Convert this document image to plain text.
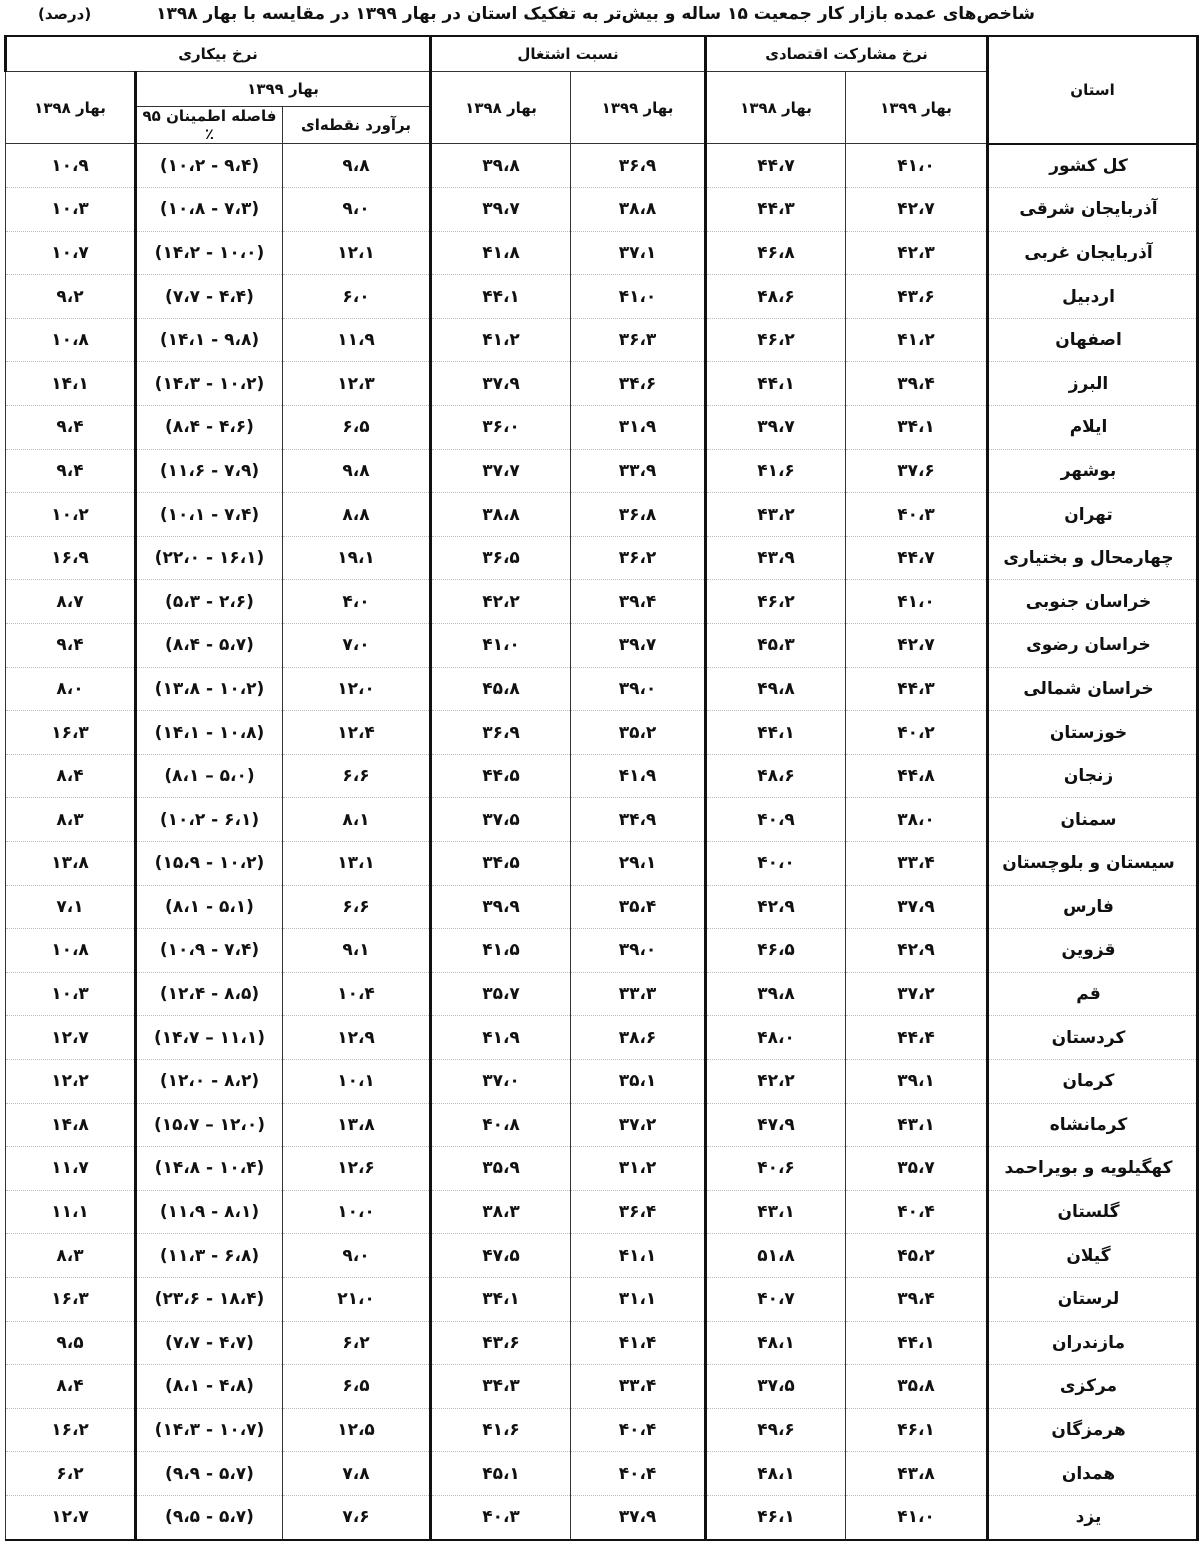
شاخص‌های عمده بازار کار جمعیت ۱۵ ساله و بیش‌تر به تفکیک استان در بهار ۱۳۹۹ در مقایسه با بهار ۱۳۹۸
(درصد)
استان	نرخ مشارکت اقتصادی		نسبت اشتغال		نرخ بیکاری		
	بهار ۱۳۹۹	بهار ۱۳۹۸	بهار ۱۳۹۹	بهار ۱۳۹۸	بهار ۱۳۹۹		بهار ۱۳۹۸
					برآورد نقطه‌ای	فاصله اطمینان ۹۵ ٪	
کل کشور	۴۱،۰	۴۴،۷	۳۶،۹	۳۹،۸	۹،۸	(۹،۴ - ۱۰،۲)	۱۰،۹
آذربایجان شرقی	۴۲،۷	۴۴،۳	۳۸،۸	۳۹،۷	۹،۰	(۷،۳ - ۱۰،۸)	۱۰،۳
آذربایجان غربی	۴۲،۳	۴۶،۸	۳۷،۱	۴۱،۸	۱۲،۱	(۱۰،۰ - ۱۴،۲)	۱۰،۷
اردبیل	۴۳،۶	۴۸،۶	۴۱،۰	۴۴،۱	۶،۰	(۴،۴ - ۷،۷)	۹،۲
اصفهان	۴۱،۲	۴۶،۲	۳۶،۳	۴۱،۲	۱۱،۹	(۹،۸ - ۱۴،۱)	۱۰،۸
البرز	۳۹،۴	۴۴،۱	۳۴،۶	۳۷،۹	۱۲،۳	(۱۰،۲ - ۱۴،۳)	۱۴،۱
ایلام	۳۴،۱	۳۹،۷	۳۱،۹	۳۶،۰	۶،۵	(۴،۶ - ۸،۴)	۹،۴
بوشهر	۳۷،۶	۴۱،۶	۳۳،۹	۳۷،۷	۹،۸	(۷،۹ - ۱۱،۶)	۹،۴
تهران	۴۰،۳	۴۳،۲	۳۶،۸	۳۸،۸	۸،۸	(۷،۴ - ۱۰،۱)	۱۰،۲
چهارمحال و بختیاری	۴۴،۷	۴۳،۹	۳۶،۲	۳۶،۵	۱۹،۱	(۱۶،۱ - ۲۲،۰)	۱۶،۹
خراسان جنوبی	۴۱،۰	۴۶،۲	۳۹،۴	۴۲،۲	۴،۰	(۲،۶ - ۵،۳)	۸،۷
خراسان رضوی	۴۲،۷	۴۵،۳	۳۹،۷	۴۱،۰	۷،۰	(۵،۷ - ۸،۴)	۹،۴
خراسان شمالی	۴۴،۳	۴۹،۸	۳۹،۰	۴۵،۸	۱۲،۰	(۱۰،۲ - ۱۳،۸)	۸،۰
خوزستان	۴۰،۲	۴۴،۱	۳۵،۲	۳۶،۹	۱۲،۴	(۱۰،۸ - ۱۴،۱)	۱۶،۳
زنجان	۴۴،۸	۴۸،۶	۴۱،۹	۴۴،۵	۶،۶	(۵،۰ – ۸،۱)	۸،۴
سمنان	۳۸،۰	۴۰،۹	۳۴،۹	۳۷،۵	۸،۱	(۶،۱ - ۱۰،۲)	۸،۳
سیستان و بلوچستان	۳۳،۴	۴۰،۰	۲۹،۱	۳۴،۵	۱۳،۱	(۱۰،۲ - ۱۵،۹)	۱۳،۸
فارس	۳۷،۹	۴۲،۹	۳۵،۴	۳۹،۹	۶،۶	(۵،۱ - ۸،۱)	۷،۱
قزوین	۴۲،۹	۴۶،۵	۳۹،۰	۴۱،۵	۹،۱	(۷،۴ - ۱۰،۹)	۱۰،۸
قم	۳۷،۲	۳۹،۸	۳۳،۳	۳۵،۷	۱۰،۴	(۸،۵ - ۱۲،۴)	۱۰،۳
کردستان	۴۴،۴	۴۸،۰	۳۸،۶	۴۱،۹	۱۲،۹	(۱۱،۱ – ۱۴،۷)	۱۲،۷
کرمان	۳۹،۱	۴۲،۲	۳۵،۱	۳۷،۰	۱۰،۱	(۸،۲ - ۱۲،۰)	۱۲،۲
کرمانشاه	۴۳،۱	۴۷،۹	۳۷،۲	۴۰،۸	۱۳،۸	(۱۲،۰ – ۱۵،۷)	۱۴،۸
کهگیلویه و بویراحمد	۳۵،۷	۴۰،۶	۳۱،۲	۳۵،۹	۱۲،۶	(۱۰،۴ - ۱۴،۸)	۱۱،۷
گلستان	۴۰،۴	۴۳،۱	۳۶،۴	۳۸،۳	۱۰،۰	(۸،۱ - ۱۱،۹)	۱۱،۱
گیلان	۴۵،۲	۵۱،۸	۴۱،۱	۴۷،۵	۹،۰	(۶،۸ - ۱۱،۳)	۸،۳
لرستان	۳۹،۴	۴۰،۷	۳۱،۱	۳۴،۱	۲۱،۰	(۱۸،۴ - ۲۳،۶)	۱۶،۳
مازندران	۴۴،۱	۴۸،۱	۴۱،۴	۴۳،۶	۶،۲	(۴،۷ - ۷،۷)	۹،۵
مرکزی	۳۵،۸	۳۷،۵	۳۳،۴	۳۴،۳	۶،۵	(۴،۸ - ۸،۱)	۸،۴
هرمزگان	۴۶،۱	۴۹،۶	۴۰،۴	۴۱،۶	۱۲،۵	(۱۰،۷ - ۱۴،۳)	۱۶،۲
همدان	۴۳،۸	۴۸،۱	۴۰،۴	۴۵،۱	۷،۸	(۵،۷ - ۹،۹)	۶،۲
یزد	۴۱،۰	۴۶،۱	۳۷،۹	۴۰،۳	۷،۶	(۵،۷ - ۹،۵)	۱۲،۷
